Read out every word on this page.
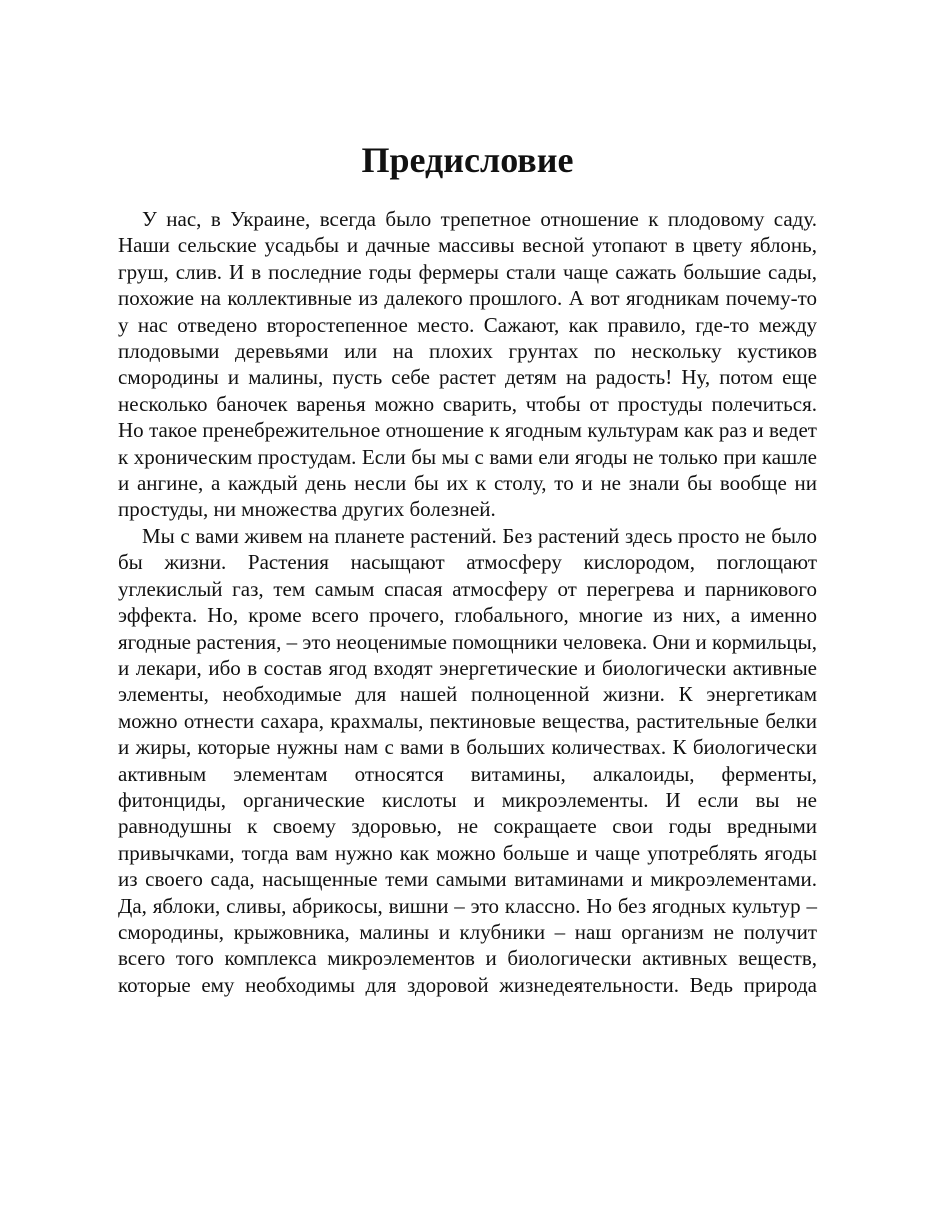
Предисловие

У нас, в Украине, всегда было трепетное отношение к плодовому саду. Наши сельские усадьбы и дачные массивы весной утопают в цвету яблонь, груш, слив. И в последние годы фермеры стали чаще сажать большие сады, похожие на коллективные из далекого прошлого. А вот ягодникам почему-то у нас отведено второстепенное место. Сажают, как правило, где-то между плодовыми деревьями или на плохих грунтах по нескольку кустиков смородины и малины, пусть себе растет детям на радость! Ну, потом еще несколько баночек варенья можно сварить, чтобы от простуды полечиться. Но такое пренебрежительное отношение к ягодным культурам как раз и ведет к хроническим простудам. Если бы мы с вами ели ягоды не только при кашле и ангине, а каждый день несли бы их к столу, то и не знали бы вообще ни простуды, ни множества других болезней.

Мы с вами живем на планете растений. Без растений здесь просто не было бы жизни. Растения насыщают атмосферу кислородом, поглощают углекислый газ, тем самым спасая атмосферу от перегрева и парникового эффекта. Но, кроме всего прочего, глобального, многие из них, а именно ягодные растения, – это неоценимые помощники человека. Они и кормильцы, и лекари, ибо в состав ягод входят энергетические и биологически активные элементы, необходимые для нашей полноценной жизни. К энергетикам можно отнести сахара, крахмалы, пектиновые вещества, растительные белки и жиры, которые нужны нам с вами в больших количествах. К биологически активным элементам относятся витамины, алкалоиды, ферменты, фитонциды, органические кислоты и микроэлементы. И если вы не равнодушны к своему здоровью, не сокращаете свои годы вредными привычками, тогда вам нужно как можно больше и чаще употреблять ягоды из своего сада, насыщенные теми самыми витаминами и микроэлементами. Да, яблоки, сливы, абрикосы, вишни – это классно. Но без ягодных культур – смородины, крыжовника, малины и клубники – наш организм не получит всего того комплекса микроэлементов и биологически активных веществ, которые ему необходимы для здоровой жизнедеятельности. Ведь природа
